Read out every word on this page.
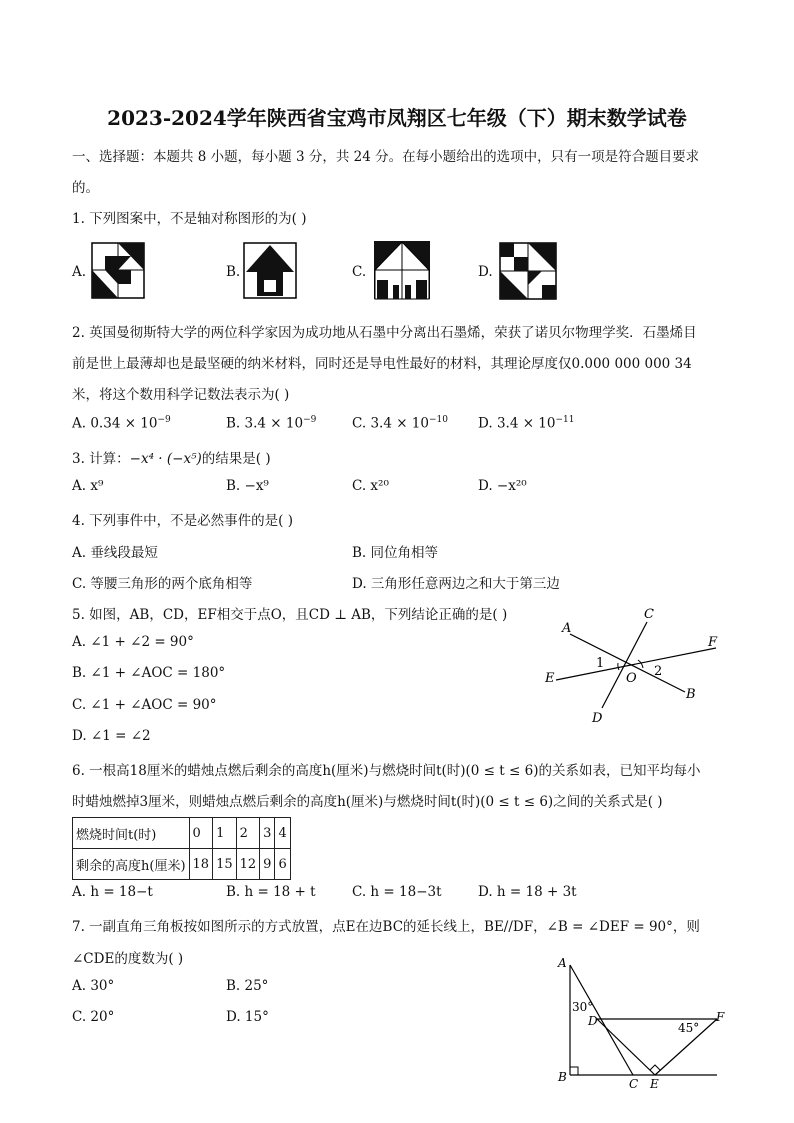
2023-2024学年陕西省宝鸡市凤翔区七年级（下）期末数学试卷
一、选择题：本题共 8 小题，每小题 3 分，共 24 分。在每小题给出的选项中，只有一项是符合题目要求
的。
1. 下列图案中，不是轴对称图形的为( )
A.	B.	C.	D.
2. 英国曼彻斯特大学的两位科学家因为成功地从石墨中分离出石墨烯，荣获了诺贝尔物理学奖．石墨烯目
前是世上最薄却也是最坚硬的纳米材料，同时还是导电性最好的材料，其理论厚度仅0.000 000 000 34
米，将这个数用科学记数法表示为( )
A. $0.34 \times 10^{-9}$	B. $3.4 \times 10^{-9}$	C. $3.4 \times 10^{-10}$ D. $3.4 \times 10^{-11}$
3. 计算：−x⁴ · (−x⁵)的结果是( )
A. x⁹	B. −x⁹	C. x²⁰	D. −x²⁰
4. 下列事件中，不是必然事件的是( )
A. 垂线段最短	B. 同位角相等
C. 等腰三角形的两个底角相等	D. 三角形任意两边之和大于第三边
5. 如图，AB，CD，EF相交于点O，且CD ⊥ AB，下列结论正确的是( )
A. ∠1 + ∠2 = 90°
B. ∠1 + ∠AOC = 180°
C. ∠1 + ∠AOC = 90°
D. ∠1 = ∠2
A
C
F
E	O
B
D
1
2
6. 一根高18厘米的蜡烛点燃后剩余的高度h(厘米)与燃烧时间t(时)(0 ≤ t ≤ 6)的关系如表，已知平均每小
时蜡烛燃掉3厘米，则蜡烛点燃后剩余的高度h(厘米)与燃烧时间t(时)(0 ≤ t ≤ 6)之间的关系式是( )
燃烧时间t(时)	0	1	2	3	4
剩余的高度h(厘米)	18	15	12	9	6
A. h = 18−t	B. h = 18 + t	C. h = 18−3t	D. h = 18 + 3t
7. 一副直角三角板按如图所示的方式放置，点E在边BC的延长线上，BE//DF，∠B = ∠DEF = 90°，则
∠CDE的度数为( )
A. 30°	B. 25°
C. 20°	D. 15°
A
30°
D	45°
F
B	C E
